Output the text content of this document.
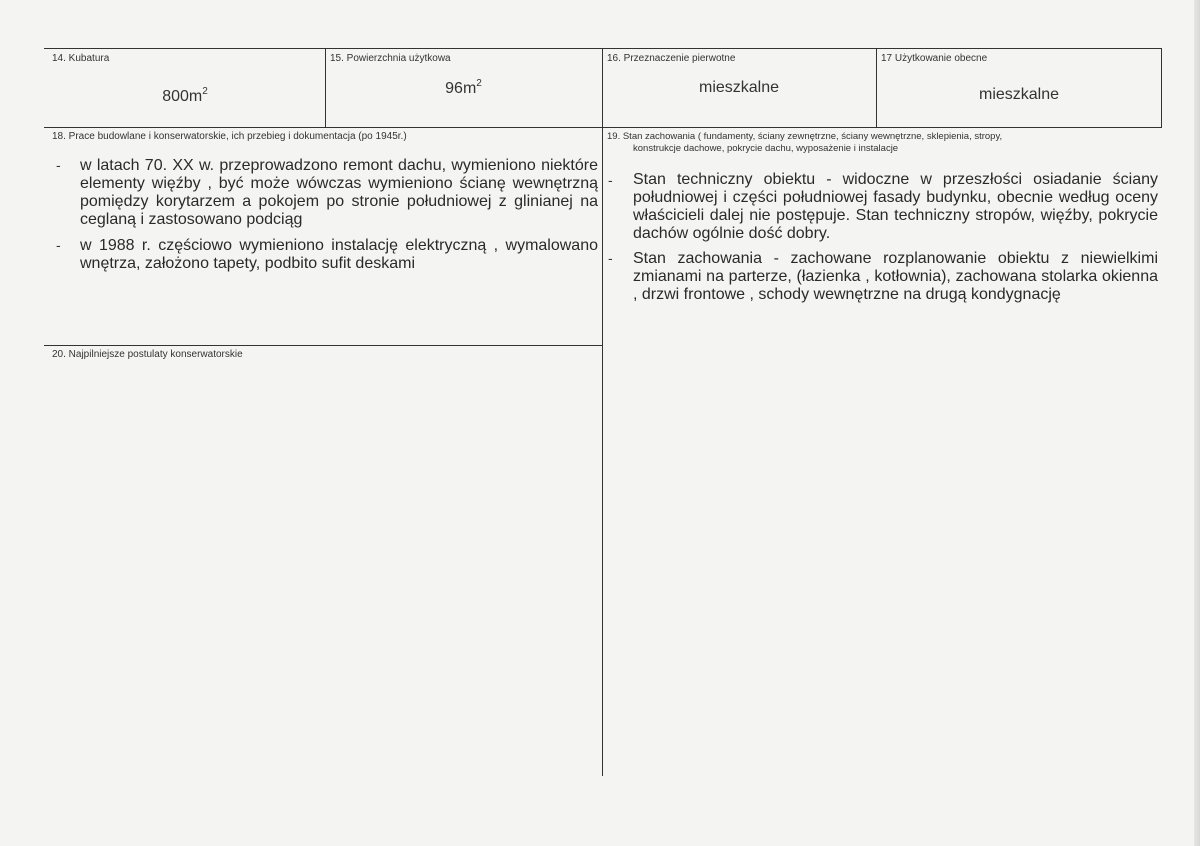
14. Kubatura
$800m^2$
15. Powierzchnia użytkowa
$96m^2$
16. Przeznaczenie pierwotne
mieszkalne
17 Użytkowanie obecne
mieszkalne
18. Prace budowlane i konserwatorskie, ich przebieg i dokumentacja (po 1945r.)
- w latach 70. XX w. przeprowadzono remont dachu, wymieniono niektóre elementy więźby , być może wówczas wymieniono ścianę wewnętrzną pomiędzy korytarzem a pokojem po stronie południowej z glinianej na ceglaną i zastosowano podciąg
- w 1988 r. częściowo wymieniono instalację elektryczną , wymalowano wnętrza, założono tapety, podbito sufit deskami
19. Stan zachowania ( fundamenty, ściany zewnętrzne, ściany wewnętrzne, sklepienia, stropy,
konstrukcje dachowe, pokrycie dachu, wyposażenie i instalacje
- Stan techniczny obiektu - widoczne w przeszłości osiadanie ściany południowej i części południowej fasady budynku, obecnie według oceny właścicieli dalej nie postępuje. Stan techniczny stropów, więźby, pokrycie dachów ogólnie dość dobry.
- Stan zachowania - zachowane rozplanowanie obiektu z niewielkimi zmianami na parterze, (łazienka , kotłownia), zachowana stolarka okienna , drzwi frontowe , schody wewnętrzne na drugą kondygnację
20. Najpilniejsze postulaty konserwatorskie
